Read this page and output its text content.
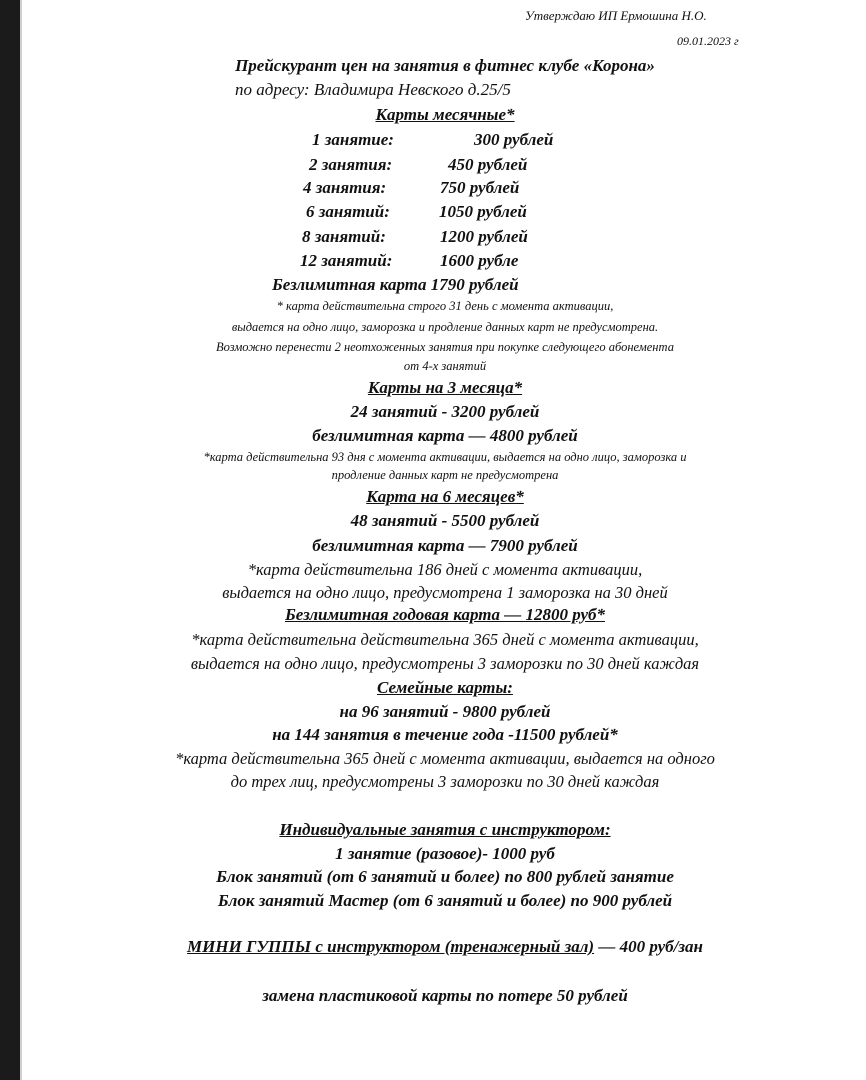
Утверждаю ИП Ермошина Н.О.
09.01.2023 г
Прейскурант цен на занятия в фитнес клубе «Корона»
по адресу: Владимира Невского д.25/5
Карты месячные*
1 занятие:	300 рублей
2 занятия:	450 рублей
4 занятия:	750 рублей
6 занятий:	1050 рублей
8 занятий:	1200 рублей
12 занятий:	1600 рубле
Безлимитная карта 1790 рублей
* карта действительна строго 31 день с момента активации,
выдается на одно лицо, заморозка и продление данных карт не предусмотрена.
Возможно перенести 2 неотхоженных занятия при покупке следующего абонемента
от 4-х занятий
Карты на 3 месяца*
24 занятий - 3200 рублей
безлимитная карта — 4800 рублей
*карта действительна 93 дня с момента активации, выдается на одно лицо, заморозка и
продление данных карт не предусмотрена
Карта на 6 месяцев*
48 занятий - 5500 рублей
безлимитная карта — 7900 рублей
*карта действительна 186 дней с момента активации,
выдается на одно лицо, предусмотрена 1 заморозка на 30 дней
Безлимитная годовая карта — 12800 руб*
*карта действительна действительна 365 дней с момента активации,
выдается на одно лицо, предусмотрены 3 заморозки по 30 дней каждая
Семейные карты:
на 96 занятий - 9800 рублей
на 144 занятия в течение года -11500 рублей*
*карта действительна 365 дней с момента активации, выдается на одного
до трех лиц, предусмотрены 3 заморозки по 30 дней каждая
Индивидуальные занятия с инструктором:
1 занятие (разовое)- 1000 руб
Блок занятий (от 6 занятий и более) по 800 рублей занятие
Блок занятий Мастер (от 6 занятий и более) по 900 рублей
МИНИ ГУППЫ с инструктором (тренажерный зал) — 400 руб/зан
замена пластиковой карты по потере 50 рублей
